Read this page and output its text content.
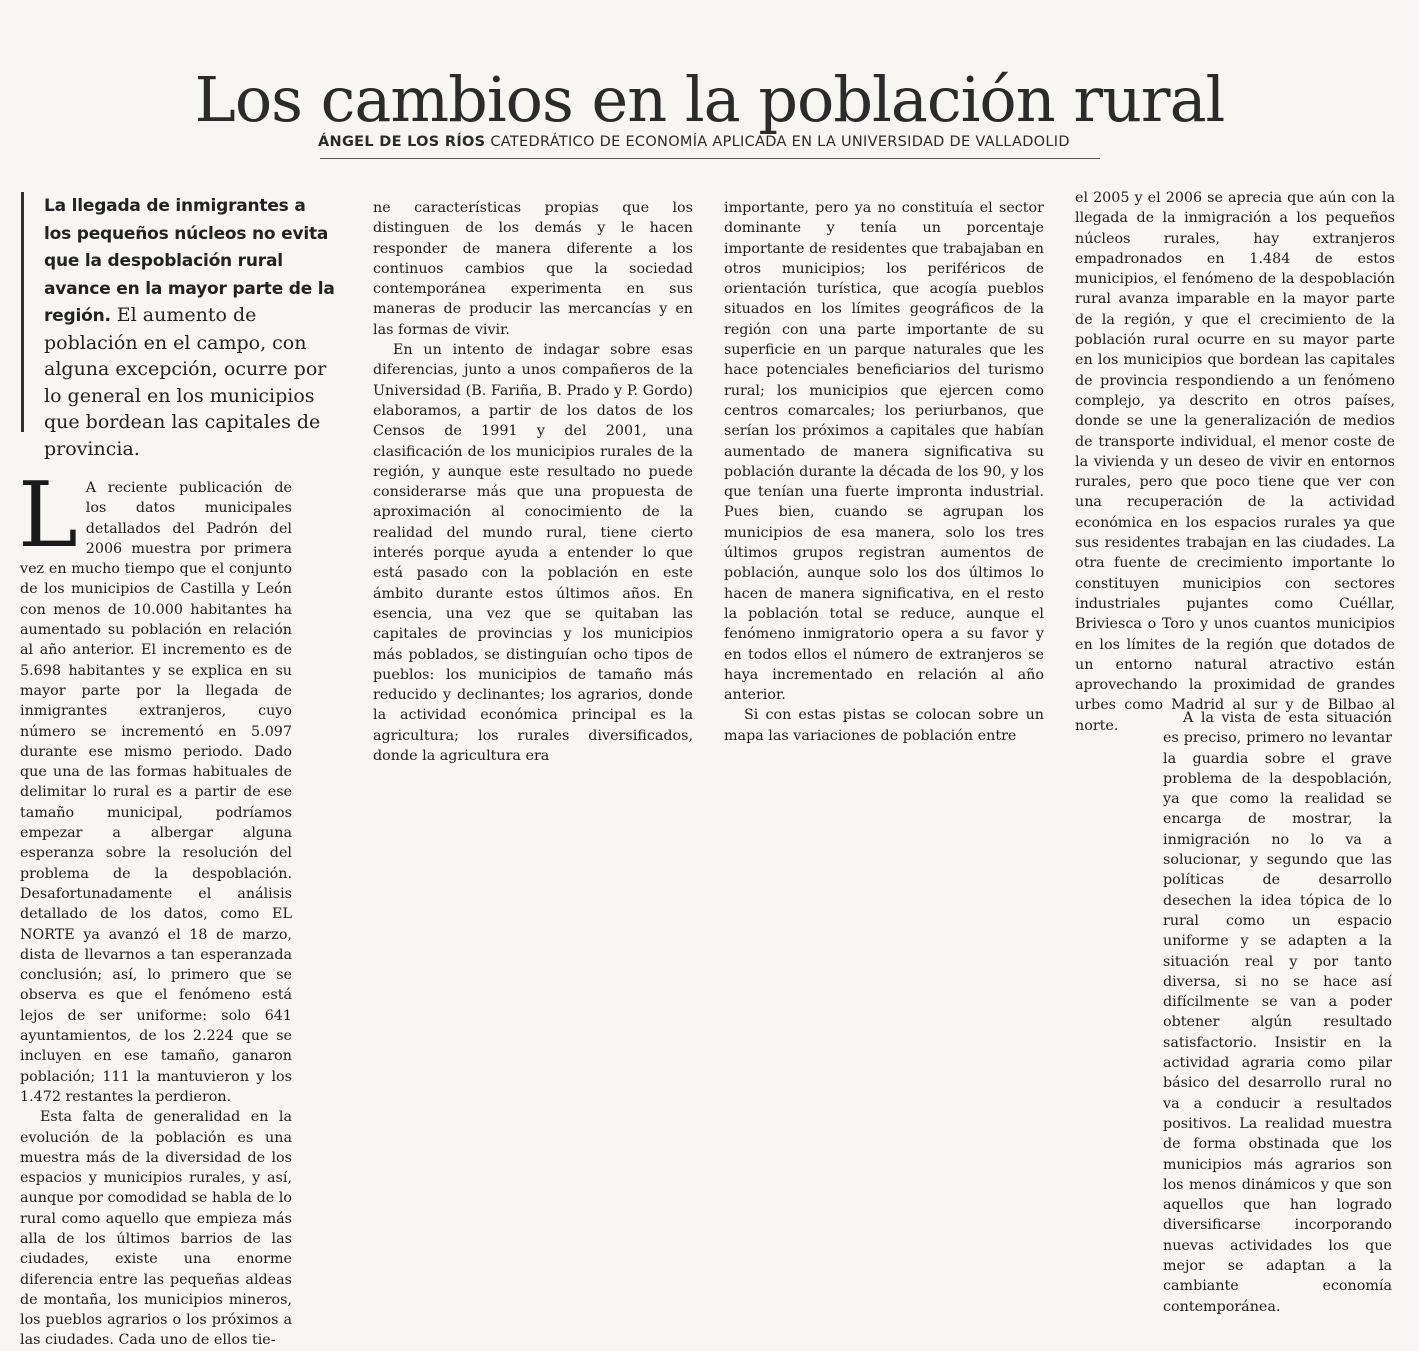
Los cambios en la población rural
ÁNGEL DE LOS RÍOS CATEDRÁTICO DE ECONOMÍA APLICADA EN LA UNIVERSIDAD DE VALLADOLID
La llegada de inmigrantes a los pequeños núcleos no evita que la despoblación rural avance en la mayor parte de la región. El aumento de población en el campo, con alguna excepción, ocurre por lo general en los municipios que bordean las capitales de provincia.

L A reciente publicación de los datos municipales detallados del Padrón del 2006 muestra por primera vez en mucho tiempo que el conjunto de los municipios de Castilla y León con menos de 10.000 habitantes ha aumentado su población en relación al año anterior. El incremento es de 5.698 habitantes y se explica en su mayor parte por la llegada de inmigrantes extranjeros, cuyo número se incrementó en 5.097 durante ese mismo periodo. Dado que una de las formas habituales de delimitar lo rural es a partir de ese tamaño municipal, podríamos empezar a albergar alguna esperanza sobre la resolución del problema de la despoblación. Desafortunadamente el análisis detallado de los datos, como EL NORTE ya avanzó el 18 de marzo, dista de llevarnos a tan esperanzada conclusión; así, lo primero que se observa es que el fenómeno está lejos de ser uniforme: solo 641 ayuntamientos, de los 2.224 que se incluyen en ese tamaño, ganaron población; 111 la mantuvieron y los 1.472 restantes la perdieron.

Esta falta de generalidad en la evolución de la población es una muestra más de la diversidad de los espacios y municipios rurales, y así, aunque por comodidad se habla de lo rural como aquello que empieza más alla de los últimos barrios de las ciudades, existe una enorme diferencia entre las pequeñas aldeas de montaña, los municipios mineros, los pueblos agrarios o los próximos a las ciudades. Cada uno de ellos tie-

ne características propias que los distinguen de los demás y le hacen responder de manera diferente a los continuos cambios que la sociedad contemporánea experimenta en sus maneras de producir las mercancías y en las formas de vivir.

En un intento de indagar sobre esas diferencias, junto a unos compañeros de la Universidad (B. Fariña, B. Prado y P. Gordo) elaboramos, a partir de los datos de los Censos de 1991 y del 2001, una clasificación de los municipios rurales de la región, y aunque este resultado no puede considerarse más que una propuesta de aproximación al conocimiento de la realidad del mundo rural, tiene cierto interés porque ayuda a entender lo que está pasado con la población en este ámbito durante estos últimos años. En esencia, una vez que se quitaban las capitales de provincias y los municipios más poblados, se distinguían ocho tipos de pueblos: los municipios de tamaño más reducido y declinantes; los agrarios, donde la actividad económica principal es la agricultura; los rurales diversificados, donde la agricultura era

importante, pero ya no constituía el sector dominante y tenía un porcentaje importante de residentes que trabajaban en otros municipios; los periféricos de orientación turística, que acogía pueblos situados en los límites geográficos de la región con una parte importante de su superficie en un parque naturales que les hace potenciales beneficiarios del turismo rural; los municipios que ejercen como centros comarcales; los periurbanos, que serían los próximos a capitales que habían aumentado de manera significativa su población durante la década de los 90, y los que tenían una fuerte impronta industrial. Pues bien, cuando se agrupan los municipios de esa manera, solo los tres últimos grupos registran aumentos de población, aunque solo los dos últimos lo hacen de manera significativa, en el resto la población total se reduce, aunque el fenómeno inmigratorio opera a su favor y en todos ellos el número de extranjeros se haya incrementado en relación al año anterior.

Si con estas pistas se colocan sobre un mapa las variaciones de población entre

el 2005 y el 2006 se aprecia que aún con la llegada de la inmigración a los pequeños núcleos rurales, hay extranjeros empadronados en 1.484 de estos municipios, el fenómeno de la despoblación rural avanza imparable en la mayor parte de la región, y que el crecimiento de la población rural ocurre en su mayor parte en los municipios que bordean las capitales de provincia respondiendo a un fenómeno complejo, ya descrito en otros países, donde se une la generalización de medios de transporte individual, el menor coste de la vivienda y un deseo de vivir en entornos rurales, pero que poco tiene que ver con una recuperación de la actividad económica en los espacios rurales ya que sus residentes trabajan en las ciudades. La otra fuente de crecimiento importante lo constituyen municipios con sectores industriales pujantes como Cuéllar, Briviesca o Toro y unos cuantos municipios en los límites de la región que dotados de un entorno natural atractivo están aprovechando la proximidad de grandes urbes como Madrid al sur y de Bilbao al norte.	A la vista de esta situación es preciso, primero no levantar la guardia sobre el grave problema de la despoblación, ya que como la realidad se encarga de mostrar, la inmigración no lo va a solucionar, y segundo que las políticas de desarrollo desechen la idea tópica de lo rural como un espacio uniforme y se adapten a la situación real y por tanto diversa, si no se hace así difícilmente se van a poder obtener algún resultado satisfactorio. Insistir en la actividad agraria como pilar básico del desarrollo rural no va a conducir a resultados positivos. La realidad muestra de forma obstinada que los municipios más agrarios son los menos dinámicos y que son aquellos que han logrado diversificarse incorporando nuevas actividades los que mejor se adaptan a la cambiante economía contemporánea.
